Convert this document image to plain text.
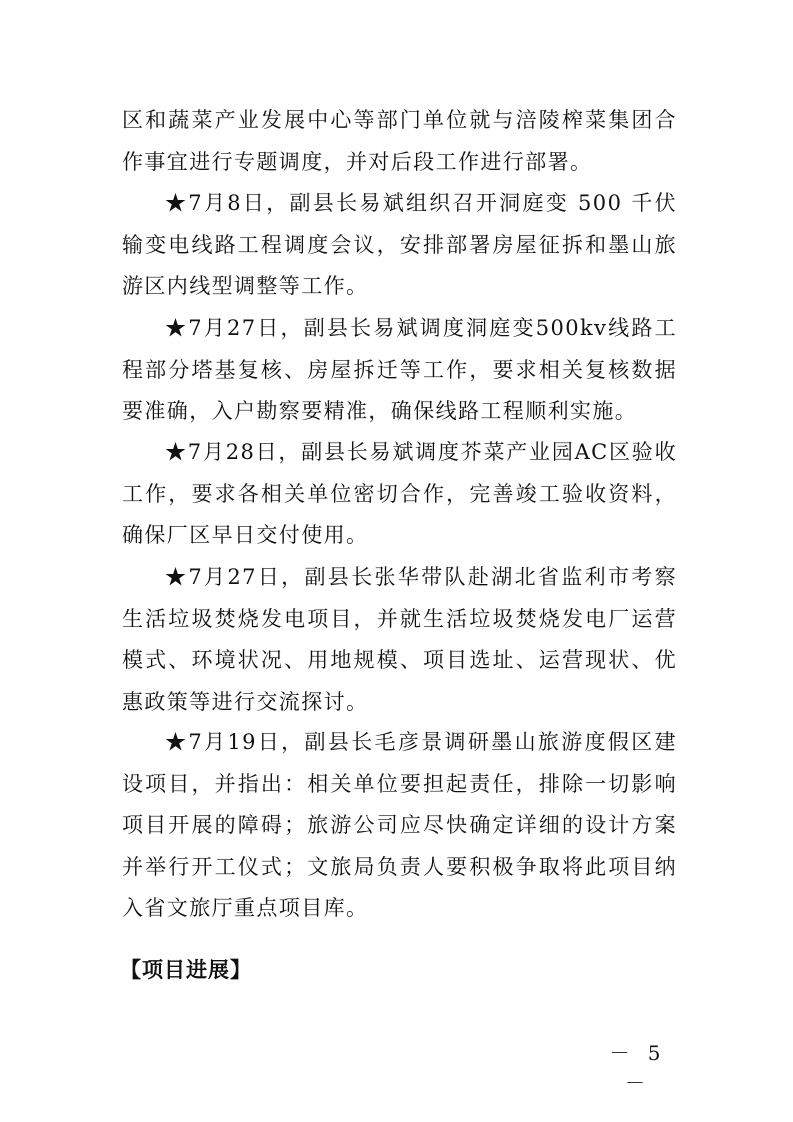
区和蔬菜产业发展中心等部门单位就与涪陵榨菜集团合作事宜进行专题调度，并对后段工作进行部署。

★7月8日，副县长易斌组织召开洞庭变 500 千伏输变电线路工程调度会议，安排部署房屋征拆和墨山旅游区内线型调整等工作。

★7月27日，副县长易斌调度洞庭变500kv线路工程部分塔基复核、房屋拆迁等工作，要求相关复核数据要准确，入户勘察要精准，确保线路工程顺利实施。

★7月28日，副县长易斌调度芥菜产业园AC区验收工作，要求各相关单位密切合作，完善竣工验收资料，确保厂区早日交付使用。

★7月27日，副县长张华带队赴湖北省监利市考察生活垃圾焚烧发电项目，并就生活垃圾焚烧发电厂运营模式、环境状况、用地规模、项目选址、运营现状、优惠政策等进行交流探讨。

★7月19日，副县长毛彦景调研墨山旅游度假区建设项目，并指出：相关单位要担起责任，排除一切影响项目开展的障碍；旅游公司应尽快确定详细的设计方案并举行开工仪式；文旅局负责人要积极争取将此项目纳入省文旅厅重点项目库。

【项目进展】

－ 5 －
